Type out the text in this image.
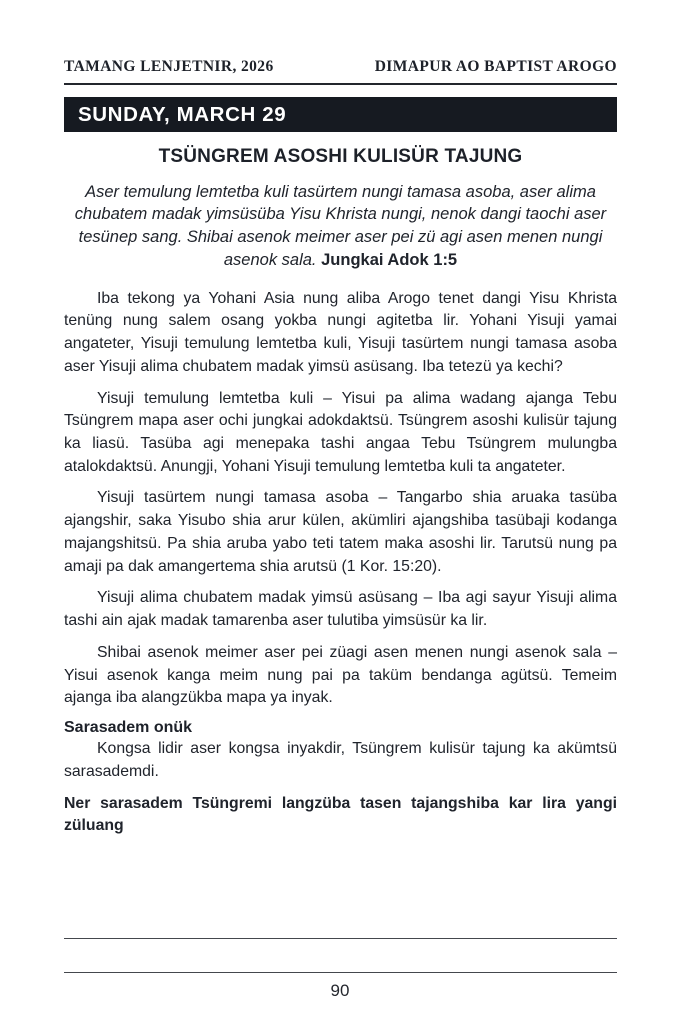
TAMANG LENJETNIR, 2026	DIMAPUR AO BAPTIST AROGO
SUNDAY, MARCH 29
TSÜNGREM ASOSHI KULISÜR TAJUNG

Aser temulung lemtetba kuli tasürtem nungi tamasa asoba, aser alima chubatem madak yimsüsüba Yisu Khrista nungi, nenok dangi taochi aser tesünep sang. Shibai asenok meimer aser pei zü agi asen menen nungi asenok sala. Jungkai Adok 1:5

Iba tekong ya Yohani Asia nung aliba Arogo tenet dangi Yisu Khrista tenüng nung salem osang yokba nungi agitetba lir. Yohani Yisuji yamai angateter, Yisuji temulung lemtetba kuli, Yisuji tasürtem nungi tamasa asoba aser Yisuji alima chubatem madak yimsü asüsang. Iba tetezü ya kechi?

Yisuji temulung lemtetba kuli – Yisui pa alima wadang ajanga Tebu Tsüngrem mapa aser ochi jungkai adokdaktsü. Tsüngrem asoshi kulisür tajung ka liasü. Tasüba agi menepaka tashi angaa Tebu Tsüngrem mulungba atalokdaktsü. Anungji, Yohani Yisuji temulung lemtetba kuli ta angateter.

Yisuji tasürtem nungi tamasa asoba – Tangarbo shia aruaka tasüba ajangshir, saka Yisubo shia arur külen, akümliri ajangshiba tasübaji kodanga majangshitsü. Pa shia aruba yabo teti tatem maka asoshi lir. Tarutsü nung pa amaji pa dak amangertema shia arutsü (1 Kor. 15:20).

Yisuji alima chubatem madak yimsü asüsang – Iba agi sayur Yisuji alima tashi ain ajak madak tamarenba aser tulutiba yimsüsür ka lir.

Shibai asenok meimer aser pei züagi asen menen nungi asenok sala – Yisui asenok kanga meim nung pai pa taküm bendanga agütsü. Temeim ajanga iba alangzükba mapa ya inyak.

Sarasadem onük

Kongsa lidir aser kongsa inyakdir, Tsüngrem kulisür tajung ka akümtsü sarasademdi.

Ner sarasadem Tsüngremi langzüba tasen tajangshiba kar lira yangi züluang

90
